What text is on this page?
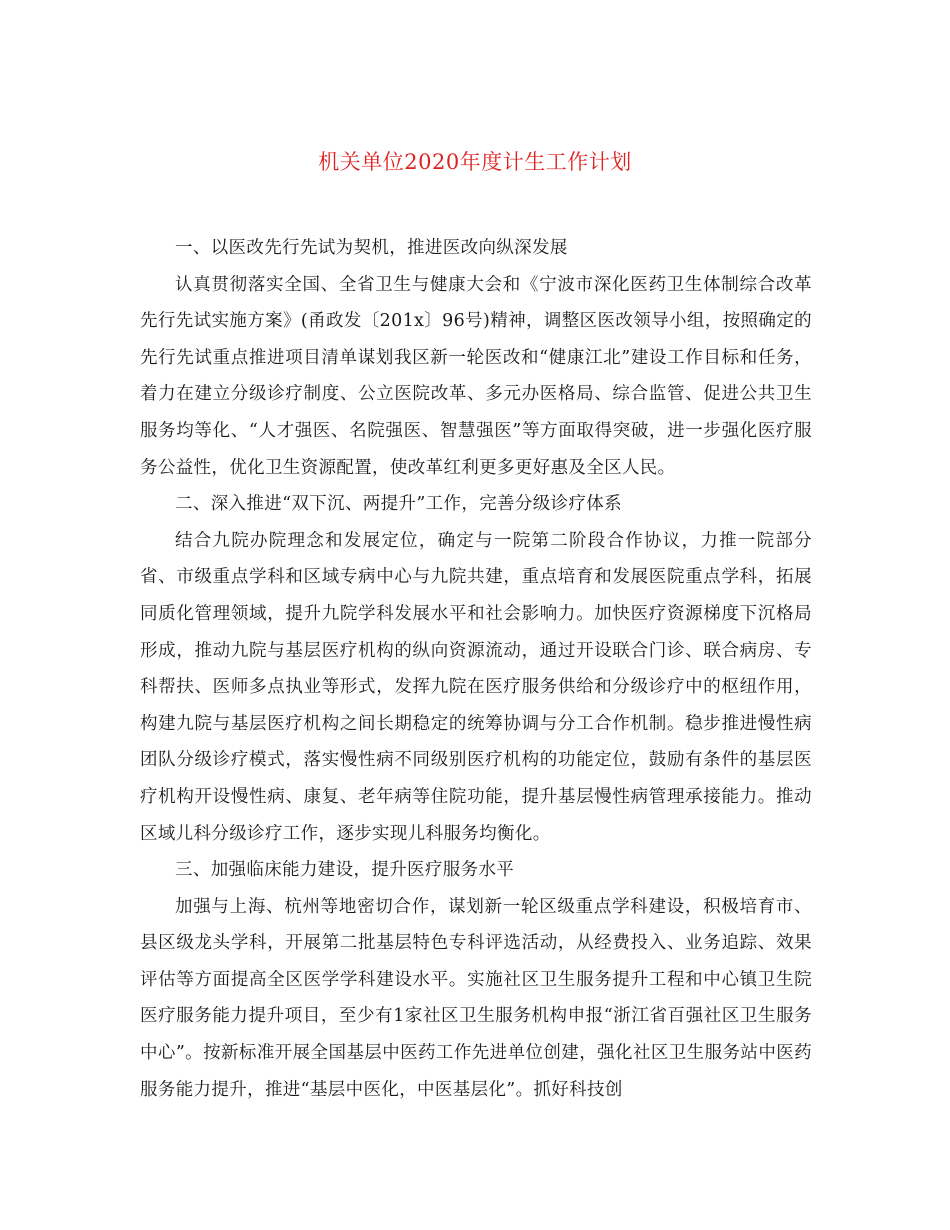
机关单位2020年度计生工作计划

一、以医改先行先试为契机，推进医改向纵深发展

认真贯彻落实全国、全省卫生与健康大会和《宁波市深化医药卫生体制综合改革先行先试实施方案》(甬政发〔201x〕96号)精神，调整区医改领导小组，按照确定的先行先试重点推进项目清单谋划我区新一轮医改和“健康江北”建设工作目标和任务，着力在建立分级诊疗制度、公立医院改革、多元办医格局、综合监管、促进公共卫生服务均等化、“人才强医、名院强医、智慧强医”等方面取得突破，进一步强化医疗服务公益性，优化卫生资源配置，使改革红利更多更好惠及全区人民。

二、深入推进“双下沉、两提升”工作，完善分级诊疗体系

结合九院办院理念和发展定位，确定与一院第二阶段合作协议，力推一院部分省、市级重点学科和区域专病中心与九院共建，重点培育和发展医院重点学科，拓展同质化管理领域，提升九院学科发展水平和社会影响力。加快医疗资源梯度下沉格局形成，推动九院与基层医疗机构的纵向资源流动，通过开设联合门诊、联合病房、专科帮扶、医师多点执业等形式，发挥九院在医疗服务供给和分级诊疗中的枢纽作用，构建九院与基层医疗机构之间长期稳定的统筹协调与分工合作机制。稳步推进慢性病团队分级诊疗模式，落实慢性病不同级别医疗机构的功能定位，鼓励有条件的基层医疗机构开设慢性病、康复、老年病等住院功能，提升基层慢性病管理承接能力。推动区域儿科分级诊疗工作，逐步实现儿科服务均衡化。

三、加强临床能力建设，提升医疗服务水平

加强与上海、杭州等地密切合作，谋划新一轮区级重点学科建设，积极培育市、县区级龙头学科，开展第二批基层特色专科评选活动，从经费投入、业务追踪、效果评估等方面提高全区医学学科建设水平。实施社区卫生服务提升工程和中心镇卫生院医疗服务能力提升项目，至少有1家社区卫生服务机构申报“浙江省百强社区卫生服务中心”。按新标准开展全国基层中医药工作先进单位创建，强化社区卫生服务站中医药服务能力提升，推进“基层中医化，中医基层化”。抓好科技创
